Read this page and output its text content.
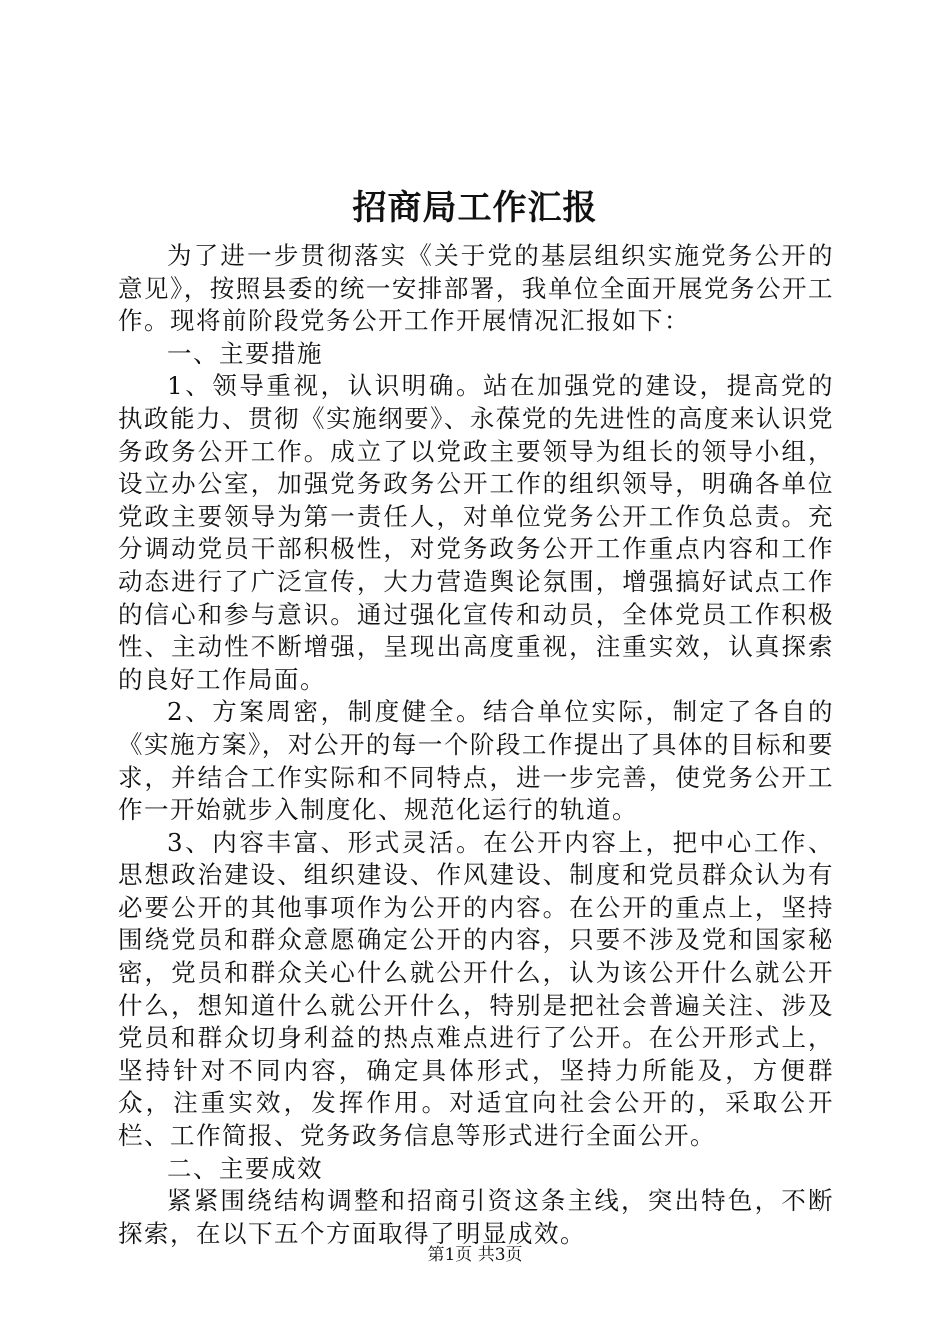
招商局工作汇报

为了进一步贯彻落实《关于党的基层组织实施党务公开的意见》，按照县委的统一安排部署，我单位全面开展党务公开工作。现将前阶段党务公开工作开展情况汇报如下：

一、主要措施

1、领导重视，认识明确。站在加强党的建设，提高党的执政能力、贯彻《实施纲要》、永葆党的先进性的高度来认识党务政务公开工作。成立了以党政主要领导为组长的领导小组，设立办公室，加强党务政务公开工作的组织领导，明确各单位党政主要领导为第一责任人，对单位党务公开工作负总责。充分调动党员干部积极性，对党务政务公开工作重点内容和工作动态进行了广泛宣传，大力营造舆论氛围，增强搞好试点工作的信心和参与意识。通过强化宣传和动员，全体党员工作积极性、主动性不断增强，呈现出高度重视，注重实效，认真探索的良好工作局面。

2、方案周密，制度健全。结合单位实际，制定了各自的《实施方案》，对公开的每一个阶段工作提出了具体的目标和要求，并结合工作实际和不同特点，进一步完善，使党务公开工作一开始就步入制度化、规范化运行的轨道。

3、内容丰富、形式灵活。在公开内容上，把中心工作、思想政治建设、组织建设、作风建设、制度和党员群众认为有必要公开的其他事项作为公开的内容。在公开的重点上，坚持围绕党员和群众意愿确定公开的内容，只要不涉及党和国家秘密，党员和群众关心什么就公开什么，认为该公开什么就公开什么，想知道什么就公开什么，特别是把社会普遍关注、涉及党员和群众切身利益的热点难点进行了公开。在公开形式上，坚持针对不同内容，确定具体形式，坚持力所能及，方便群众，注重实效，发挥作用。对适宜向社会公开的，采取公开栏、工作简报、党务政务信息等形式进行全面公开。

二、主要成效

紧紧围绕结构调整和招商引资这条主线，突出特色，不断探索，在以下五个方面取得了明显成效。

第1页 共3页
